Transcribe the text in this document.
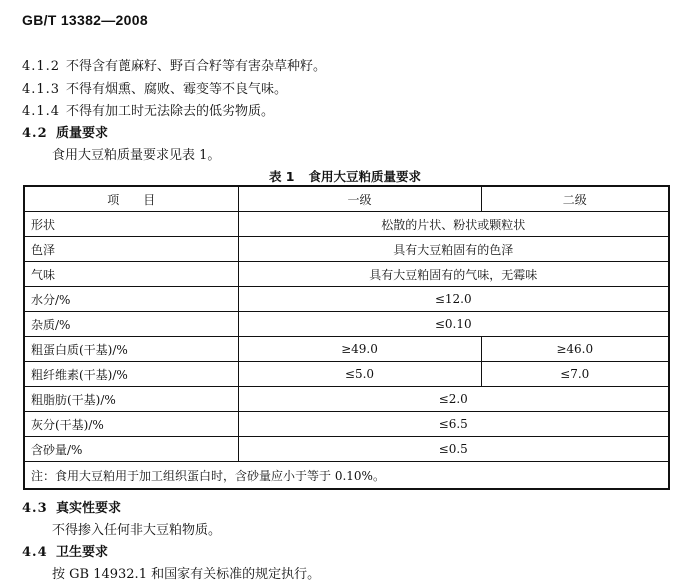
GB/T 13382—2008
4.1.2 不得含有蓖麻籽、野百合籽等有害杂草种籽。
4.1.3 不得有烟熏、腐败、霉变等不良气味。
4.1.4 不得有加工时无法除去的低劣物质。
4.2 质量要求
食用大豆粕质量要求见表 1。
表 1 食用大豆粕质量要求
项　　目	一级	二级
形状	松散的片状、粉状或颗粒状	
色泽	具有大豆粕固有的色泽	
气味	具有大豆粕固有的气味，无霉味	
水分/%	≤12.0	
杂质/%	≤0.10	
粗蛋白质(干基)/%	≥49.0	≥46.0
粗纤维素(干基)/%	≤5.0	≤7.0
粗脂肪(干基)/%	≤2.0	
灰分(干基)/%	≤6.5	
含砂量/%	≤0.5	
注：食用大豆粕用于加工组织蛋白时，含砂量应小于等于 0.10%。		
4.3 真实性要求
不得掺入任何非大豆粕物质。
4.4 卫生要求
按 GB 14932.1 和国家有关标准的规定执行。
